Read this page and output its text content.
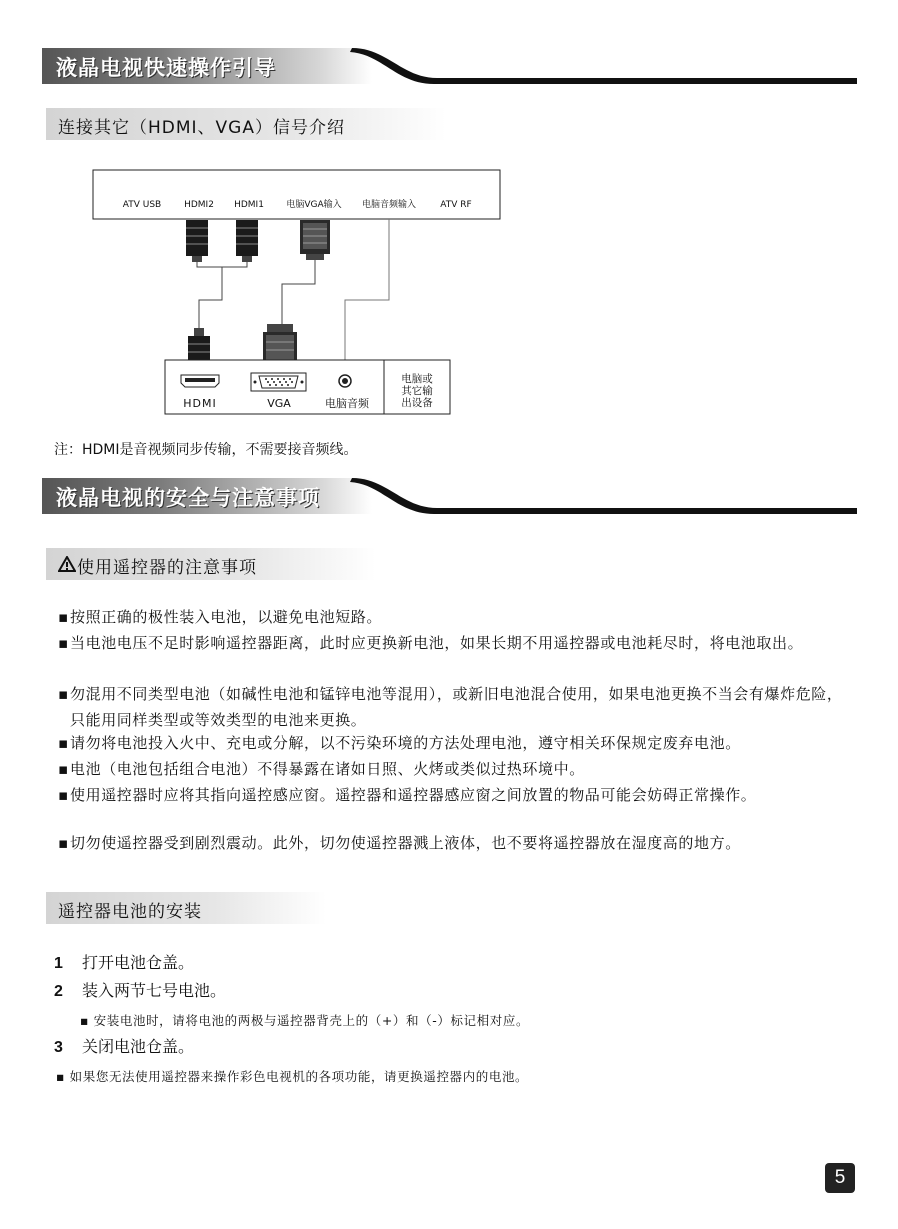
液晶电视快速操作引导
连接其它（HDMI、VGA）信号介绍
ATV USB	HDMI2 HDMI1 电脑VGA输入 电脑音频输入	ATV RF
HDMI	VGA	电脑音频
电脑或
其它输
出设备
注：HDMI是音视频同步传输，不需要接音频线。
液晶电视的安全与注意事项
使用遥控器的注意事项
▪ 按照正确的极性装入电池，以避免电池短路。
▪ 当电池电压不足时影响遥控器距离，此时应更换新电池，如果长期不用遥控器或电池耗尽时，将电池取出。
▪ 勿混用不同类型电池（如碱性电池和锰锌电池等混用），或新旧电池混合使用，如果电池更换不当会有爆炸危险，只能用同样类型或等效类型的电池来更换。
▪ 请勿将电池投入火中、充电或分解，以不污染环境的方法处理电池，遵守相关环保规定废弃电池。
▪ 电池（电池包括组合电池）不得暴露在诸如日照、火烤或类似过热环境中。
▪ 使用遥控器时应将其指向遥控感应窗。遥控器和遥控器感应窗之间放置的物品可能会妨碍正常操作。
▪ 切勿使遥控器受到剧烈震动。此外，切勿使遥控器溅上液体，也不要将遥控器放在湿度高的地方。
遥控器电池的安装
1 打开电池仓盖。
2 装入两节七号电池。
▪ 安装电池时，请将电池的两极与遥控器背壳上的（+）和（-）标记相对应。
3 关闭电池仓盖。
▪ 如果您无法使用遥控器来操作彩色电视机的各项功能，请更换遥控器内的电池。
5
